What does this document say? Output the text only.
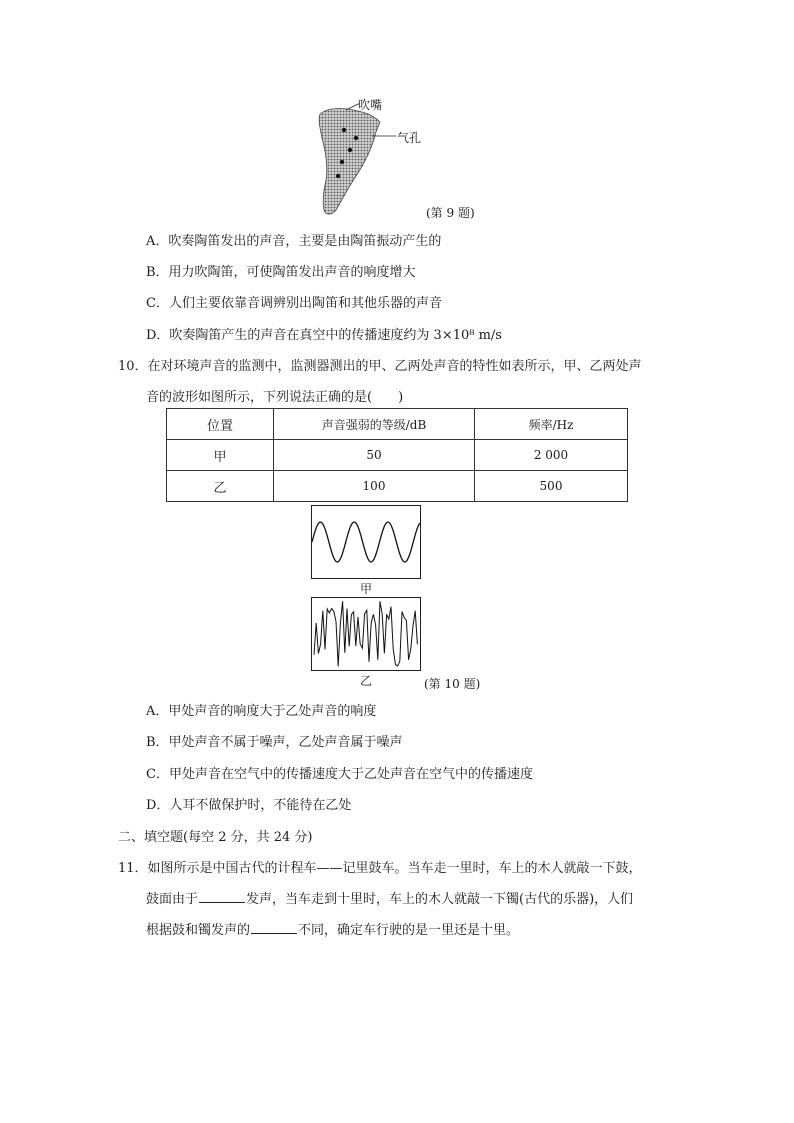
吹嘴
气孔
(第 9 题)
A．吹奏陶笛发出的声音，主要是由陶笛振动产生的
B．用力吹陶笛，可使陶笛发出声音的响度增大
C．人们主要依靠音调辨别出陶笛和其他乐器的声音
D．吹奏陶笛产生的声音在真空中的传播速度约为 3×10⁸ m/s
10．在对环境声音的监测中，监测器测出的甲、乙两处声音的特性如表所示，甲、乙两处声
音的波形如图所示，下列说法正确的是(　　)
位置	声音强弱的等级/dB	频率/Hz
甲	50	2 000
乙	100	500
甲
乙	(第 10 题)
A．甲处声音的响度大于乙处声音的响度
B．甲处声音不属于噪声，乙处声音属于噪声
C．甲处声音在空气中的传播速度大于乙处声音在空气中的传播速度
D．人耳不做保护时，不能待在乙处
二、填空题(每空 2 分，共 24 分)
11．如图所示是中国古代的计程车——记里鼓车。当车走一里时，车上的木人就敲一下鼓，
鼓面由于	发声，当车走到十里时，车上的木人就敲一下镯(古代的乐器)，人们
根据鼓和镯发声的	不同，确定车行驶的是一里还是十里。
